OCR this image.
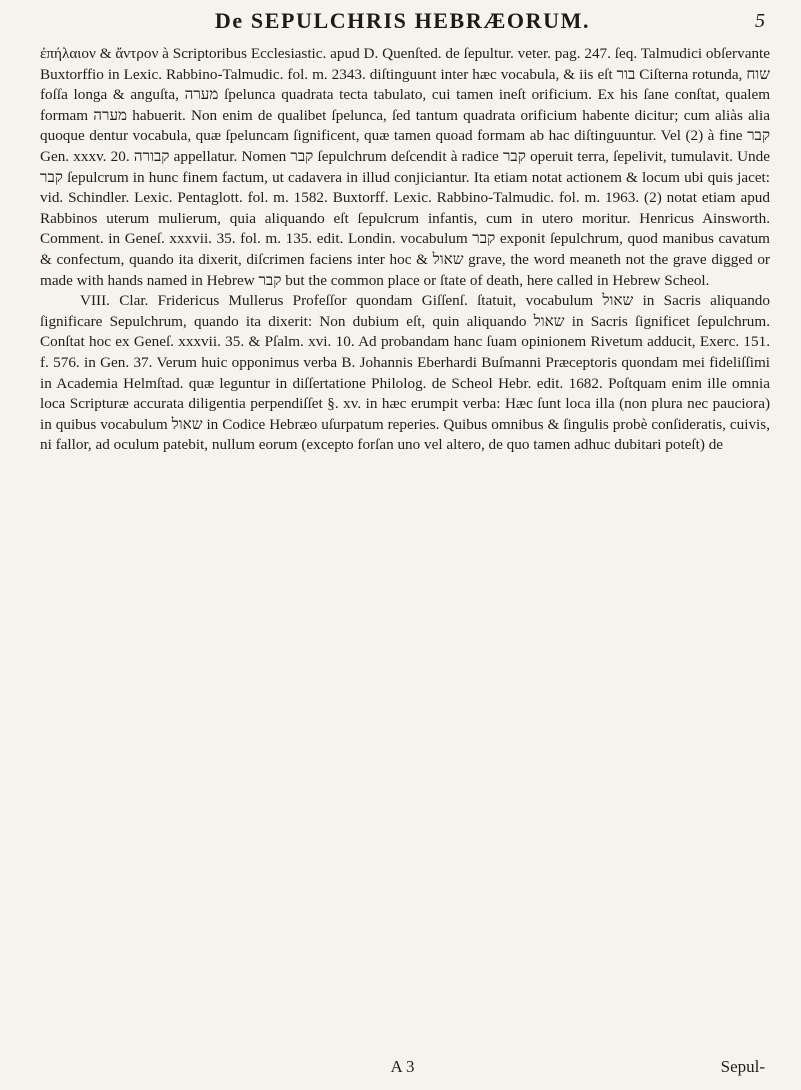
De SEPULCHRIS HEBRÆORUM.	5

ἐπήλαιον & ἄντρον à Scriptoribus Ecclesiastic. apud D. Quenſted. de ſepultur. veter. pag. 247. ſeq. Talmudici obſervante Buxtorffio in Lexic. Rabbino-Talmudic. fol. m. 2343. diſtinguunt inter hæc vocabula, & iis eſt בור Ciſterna rotunda, שוח foſſa longa & anguſta, מערה ſpelunca quadrata tecta tabulato, cui tamen ineſt orificium. Ex his ſane conſtat, qualem formam מערה habuerit. Non enim de qualibet ſpelunca, ſed tantum quadrata orificium habente dicitur; cum aliàs alia quoque dentur vocabula, quæ ſpeluncam ſignificent, quæ tamen quoad formam ab hac diſtinguuntur. Vel (2) à fine קבר Gen. xxxv. 20. קבורה appellatur. Nomen קבר ſepulchrum deſcendit à radice קבר operuit terra, ſepelivit, tumulavit. Unde קבר ſepulcrum in hunc finem factum, ut cadavera in illud conjiciantur. Ita etiam notat actionem & locum ubi quis jacet: vid. Schindler. Lexic. Pentaglott. fol. m. 1582. Buxtorff. Lexic. Rabbino-Talmudic. fol. m. 1963. (2) notat etiam apud Rabbinos uterum mulierum, quia aliquando eſt ſepulcrum infantis, cum in utero moritur. Henricus Ainsworth. Comment. in Geneſ. xxxvii. 35. fol. m. 135. edit. Londin. vocabulum קבר exponit ſepulchrum, quod manibus cavatum & confectum, quando ita dixerit, diſcrimen faciens inter hoc & שאול grave, the word meaneth not the grave digged or made with hands named in Hebrew קבר but the common place or ſtate of death, here called in Hebrew Scheol.

VIII. Clar. Fridericus Mullerus Profeſſor quondam Giſſenſ. ſtatuit, vocabulum שאול in Sacris aliquando ſignificare Sepulchrum, quando ita dixerit: Non dubium eſt, quin aliquando שאול in Sacris ſignificet ſepulchrum. Conſtat hoc ex Geneſ. xxxvii. 35. & Pſalm. xvi. 10. Ad probandam hanc ſuam opinionem Rivetum adducit, Exerc. 151. f. 576. in Gen. 37. Verum huic opponimus verba B. Johannis Eberhardi Buſmanni Præceptoris quondam mei fideliſſimi in Academia Helmſtad. quæ leguntur in diſſertatione Philolog. de Scheol Hebr. edit. 1682. Poſtquam enim ille omnia loca Scripturæ accurata diligentia perpendiſſet §. xv. in hæc erumpit verba: Hæc ſunt loca illa (non plura nec pauciora) in quibus vocabulum שאול in Codice Hebræo uſurpatum reperies. Quibus omnibus & ſingulis probè conſideratis, cuivis, ni fallor, ad oculum patebit, nullum eorum (excepto forſan uno vel altero, de quo tamen adhuc dubitari poteſt) de

A 3	Sepul-
